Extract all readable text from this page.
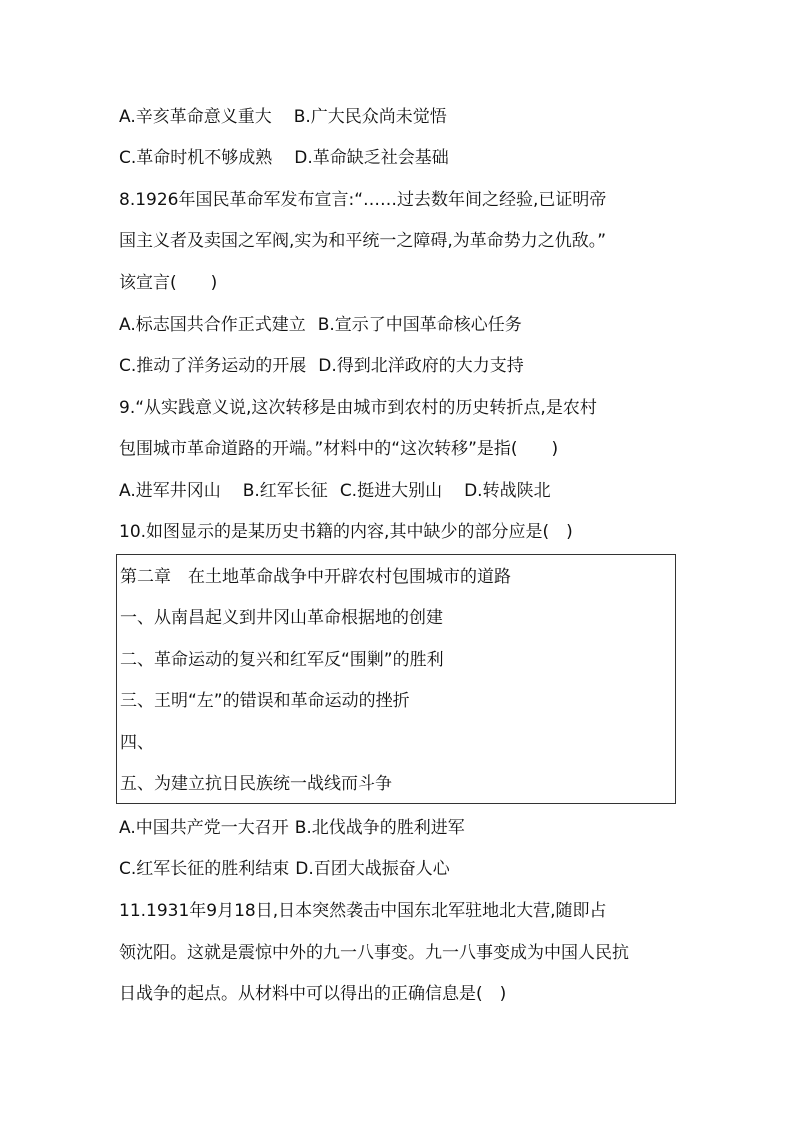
A.辛亥革命意义重大 B.广大民众尚未觉悟
C.革命时机不够成熟 D.革命缺乏社会基础
8.1926年国民革命军发布宣言:“……过去数年间之经验,已证明帝
国主义者及卖国之军阀,实为和平统一之障碍,为革命势力之仇敌。”
该宣言(　　)
A.标志国共合作正式建立 B.宣示了中国革命核心任务
C.推动了洋务运动的开展 D.得到北洋政府的大力支持
9.“从实践意义说,这次转移是由城市到农村的历史转折点,是农村
包围城市革命道路的开端。”材料中的“这次转移”是指(　　)
A.进军井冈山 B.红军长征 C.挺进大别山 D.转战陕北
10.如图显示的是某历史书籍的内容,其中缺少的部分应是(　)
第二章　在土地革命战争中开辟农村包围城市的道路
一、从南昌起义到井冈山革命根据地的创建
二、革命运动的复兴和红军反“围剿”的胜利
三、王明“左”的错误和革命运动的挫折
四、
五、为建立抗日民族统一战线而斗争
A.中国共产党一大召开 B.北伐战争的胜利进军
C.红军长征的胜利结束 D.百团大战振奋人心
11.1931年9月18日,日本突然袭击中国东北军驻地北大营,随即占
领沈阳。这就是震惊中外的九一八事变。九一八事变成为中国人民抗
日战争的起点。从材料中可以得出的正确信息是(　)
